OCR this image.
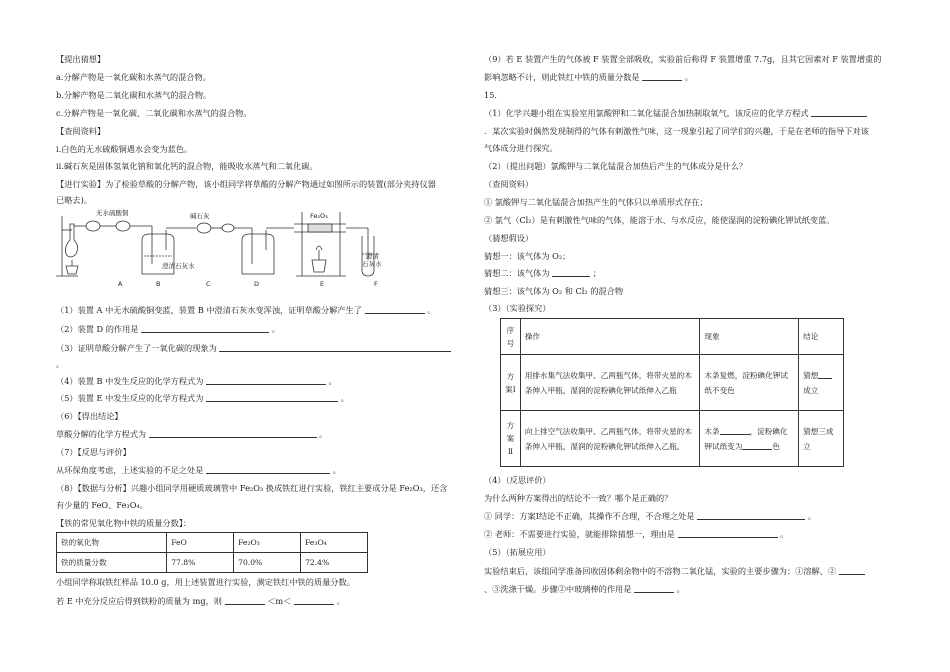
【提出猜想】
a.分解产物是一氧化碳和水蒸气的混合物。
b.分解产物是二氧化碳和水蒸气的混合物。
c.分解产物是一氧化碳、二氧化碳和水蒸气的混合物。
【查阅资料】
i.白色的无水硫酸铜遇水会变为蓝色。
ii.碱石灰是固体氢氧化钠和氧化钙的混合物，能吸收水蒸气和二氧化碳。
【进行实验】为了检验草酸的分解产物，该小组同学将草酸的分解产物通过如图所示的装置(部分夹持仪器
已略去)。
无水硫酸铜	碱石灰	Fe₂O₃
澄清石灰水
澄清
石灰水
A	B	C	D	E	F
（1）装置 A 中无水硫酸铜变蓝，装置 B 中澄清石灰水变浑浊，证明草酸分解产生了	。
（2）装置 D 的作用是	。
（3）证明草酸分解产生了一氧化碳的现象为
。
（4）装置 B 中发生反应的化学方程式为	。
（5）装置 E 中发生反应的化学方程式为	。
（6）【得出结论】
草酸分解的化学方程式为	。
（7）【反思与评价】
从环保角度考虑，上述实验的不足之处是	。
（8）【数据与分析】兴趣小组同学用硬质玻璃管中 Fe₂O₃ 换成铁红进行实验，铁红主要成分是 Fe₂O₃，还含
有少量的 FeO、Fe₃O₄。
【铁的常见氧化物中铁的质量分数】：
铁的氧化物	FeO	Fe₂O₃	Fe₃O₄
铁的质量分数	77.8%	70.0%	72.4%
小组同学称取铁红样品 10.0 g，用上述装置进行实验，测定铁红中铁的质量分数。
若 E 中充分反应后得到铁粉的质量为 mg，则	＜m＜	。
（9）若 E 装置产生的气体被 F 装置全部吸收，实验前后称得 F 装置增重 7.7g，且其它因素对 F 装置增重的
影响忽略不计，则此铁红中铁的质量分数是	。
15.
（1）化学兴趣小组在实验室用氯酸钾和二氧化锰混合加热制取氧气，该反应的化学方程式
．某次实验时偶然发现制得的气体有刺激性气味，这一现象引起了同学们的兴趣，于是在老师的指导下对该
气体成分进行探究。
（2）（提出问题）氯酸钾与二氧化锰混合加热后产生的气体成分是什么？
（查阅资料）
① 氯酸钾与二氧化锰混合加热产生的气体只以单质形式存在；
② 氯气（Cl₂）是有刺激性气味的气体，能溶于水、与水反应，能使湿润的淀粉碘化钾试纸变蓝。
（猜想假设）
猜想一：该气体为 O₂；
猜想二：该气体为	；
猜想三：该气体为 O₂ 和 Cl₂ 的混合物
（3）（实验探究）
序号	操作	现象	结论
方案Ⅰ	用排水集气法收集甲、乙两瓶气体，将带火星的木条伸入甲瓶，湿润的淀粉碘化钾试纸伸入乙瓶	木条复燃，淀粉碘化钾试纸不变色	猜想
成立
方案Ⅱ	向上排空气法收集甲、乙两瓶气体，将带火星的木条伸入甲瓶，湿润的淀粉碘化钾试纸伸入乙瓶。	木条 ，淀粉碘化钾试纸变为 色	猜想三成立
（4）（反思评价）
为什么两种方案得出的结论不一致？哪个是正确的？
① 同学：方案Ⅰ结论不正确，其操作不合理，不合理之处是	。
② 老师：不需要进行实验，就能排除猜想一，理由是	。
（5）（拓展应用）
实验结束后，该组同学准备回收固体剩余物中的不溶物二氧化锰，实验的主要步骤为：①溶解、②
、③洗涤干燥。步骤②中玻璃棒的作用是	。
